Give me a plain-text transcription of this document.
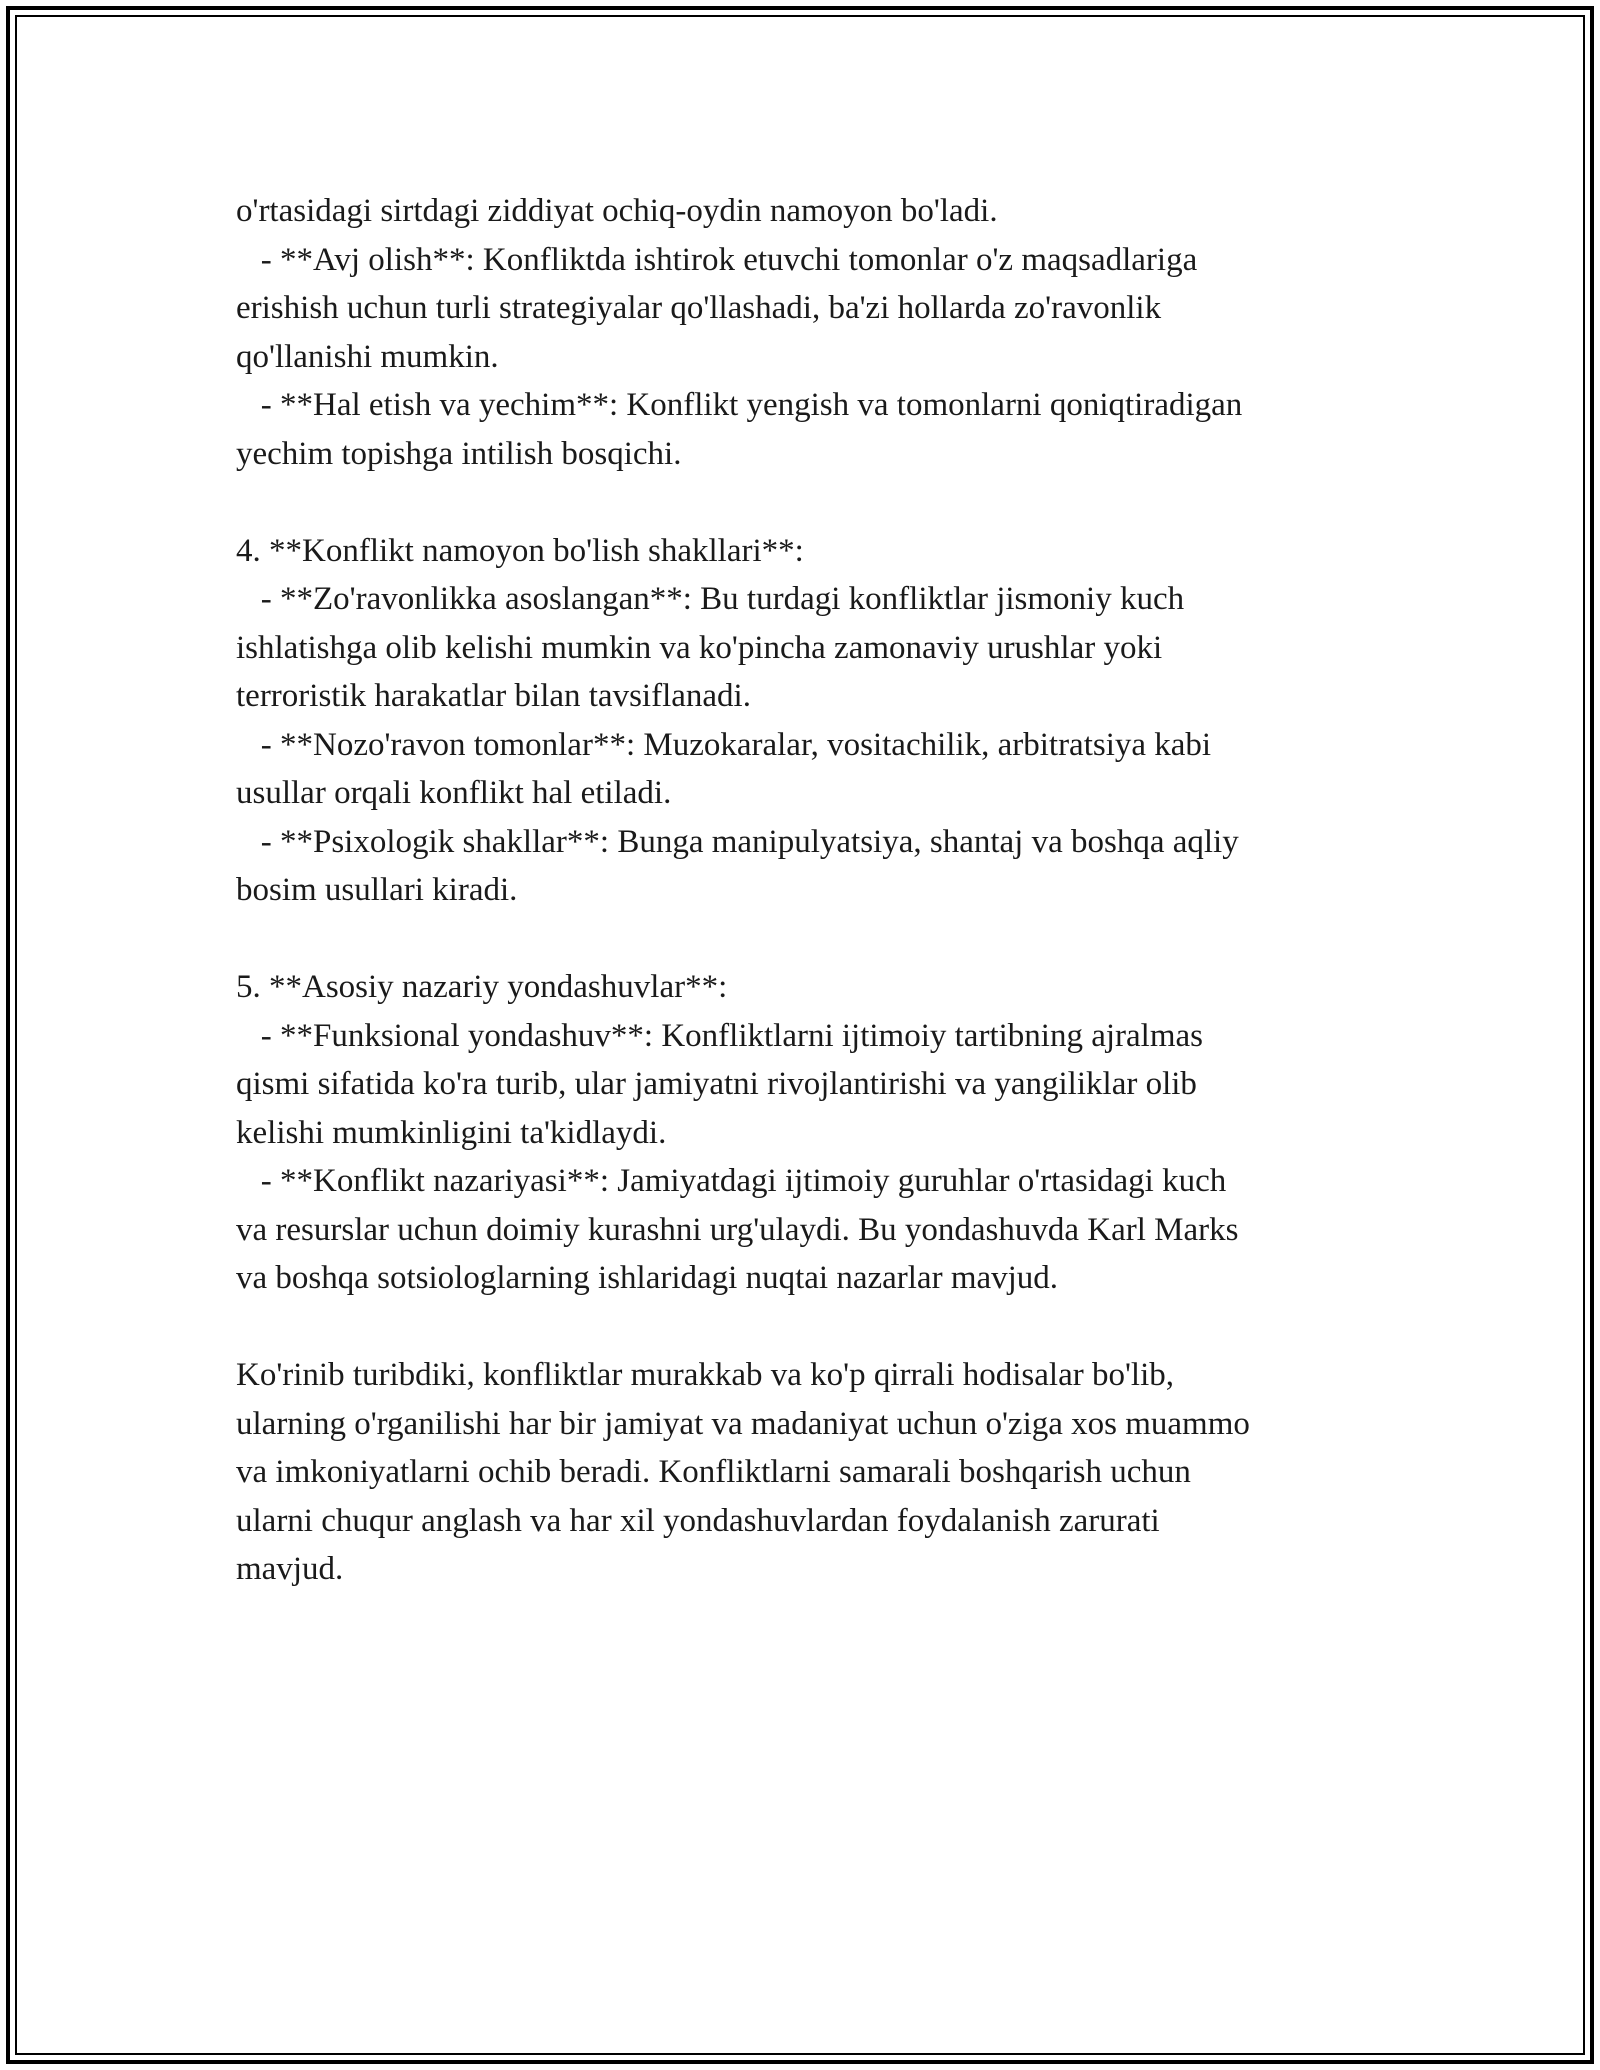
o'rtasidagi sirtdagi ziddiyat ochiq-oydin namoyon bo'ladi.
- **Avj olish**: Konfliktda ishtirok etuvchi tomonlar o'z maqsadlariga
erishish uchun turli strategiyalar qo'llashadi, ba'zi hollarda zo'ravonlik
qo'llanishi mumkin.
- **Hal etish va yechim**: Konflikt yengish va tomonlarni qoniqtiradigan
yechim topishga intilish bosqichi.
4. **Konflikt namoyon bo'lish shakllari**:
- **Zo'ravonlikka asoslangan**: Bu turdagi konfliktlar jismoniy kuch
ishlatishga olib kelishi mumkin va ko'pincha zamonaviy urushlar yoki
terroristik harakatlar bilan tavsiflanadi.
- **Nozo'ravon tomonlar**: Muzokaralar, vositachilik, arbitratsiya kabi
usullar orqali konflikt hal etiladi.
- **Psixologik shakllar**: Bunga manipulyatsiya, shantaj va boshqa aqliy
bosim usullari kiradi.
5. **Asosiy nazariy yondashuvlar**:
- **Funksional yondashuv**: Konfliktlarni ijtimoiy tartibning ajralmas
qismi sifatida ko'ra turib, ular jamiyatni rivojlantirishi va yangiliklar olib
kelishi mumkinligini ta'kidlaydi.
- **Konflikt nazariyasi**: Jamiyatdagi ijtimoiy guruhlar o'rtasidagi kuch
va resurslar uchun doimiy kurashni urg'ulaydi. Bu yondashuvda Karl Marks
va boshqa sotsiologlarning ishlaridagi nuqtai nazarlar mavjud.
Ko'rinib turibdiki, konfliktlar murakkab va ko'p qirrali hodisalar bo'lib,
ularning o'rganilishi har bir jamiyat va madaniyat uchun o'ziga xos muammo
va imkoniyatlarni ochib beradi. Konfliktlarni samarali boshqarish uchun
ularni chuqur anglash va har xil yondashuvlardan foydalanish zarurati
mavjud.
